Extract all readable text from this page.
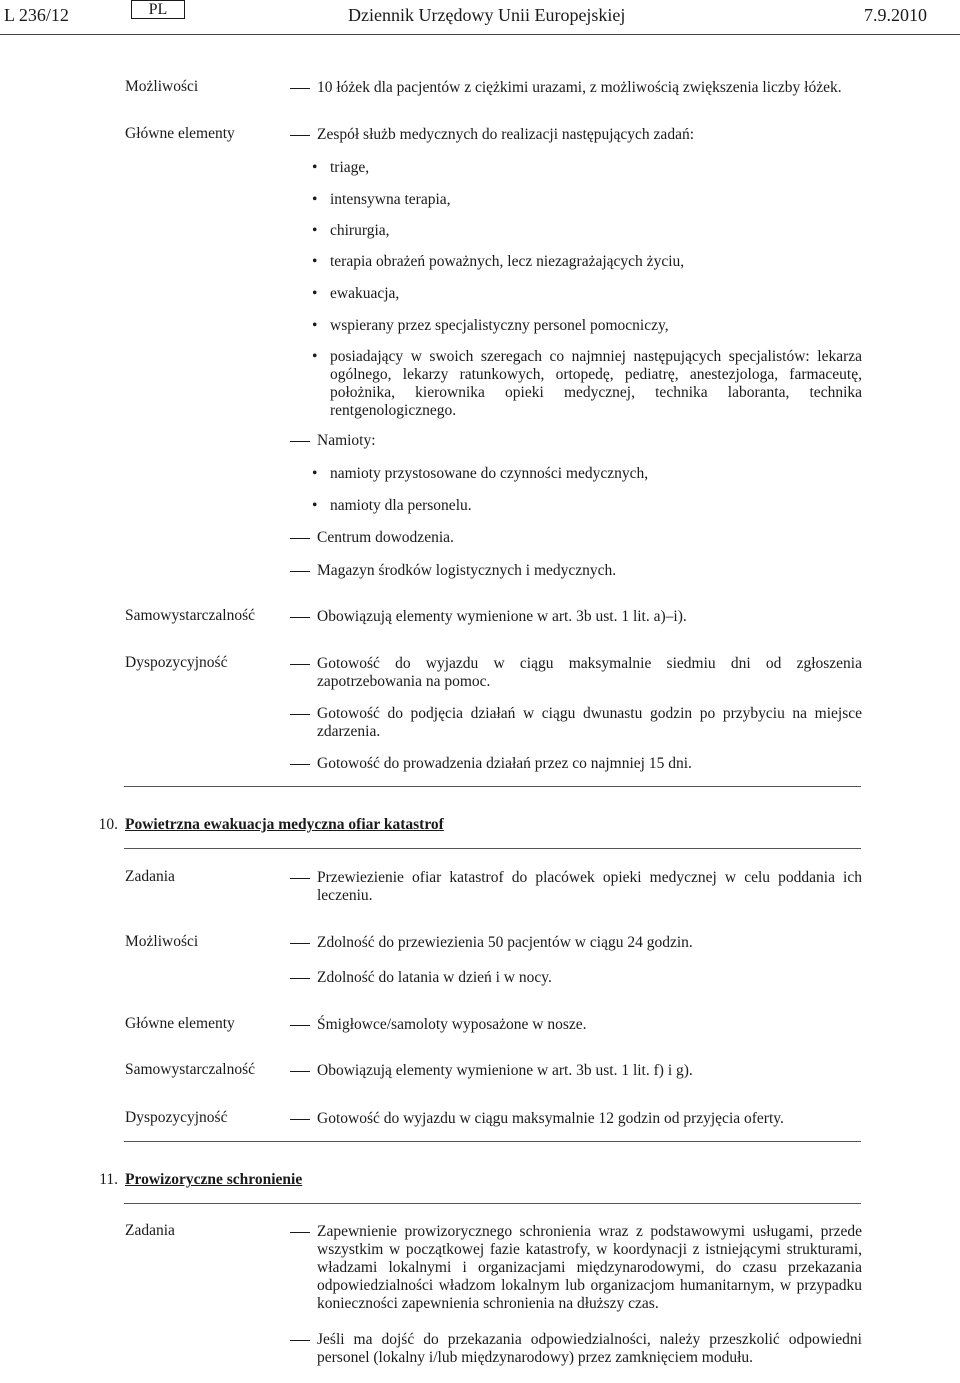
L 236/12	PL	Dziennik Urzędowy Unii Europejskiej	7.9.2010
Możliwości	10 łóżek dla pacjentów z ciężkimi urazami, z możliwością zwiększenia liczby łóżek.
Główne elementy	Zespół służb medycznych do realizacji następujących zadań:
• triage,
• intensywna terapia,
• chirurgia,
• terapia obrażeń poważnych, lecz niezagrażających życiu,
• ewakuacja,
• wspierany przez specjalistyczny personel pomocniczy,
• posiadający w swoich szeregach co najmniej następujących specjalistów: lekarza ogólnego, lekarzy ratunkowych, ortopedę, pediatrę, anestezjologa, farmaceutę, położnika, kierownika opieki medycznej, technika laboranta, technika rentgenologicznego.
Namioty:
• namioty przystosowane do czynności medycznych,
• namioty dla personelu.
Centrum dowodzenia.
Magazyn środków logistycznych i medycznych.
Samowystarczalność	Obowiązują elementy wymienione w art. 3b ust. 1 lit. a)–i).
Dyspozycyjność	Gotowość do wyjazdu w ciągu maksymalnie siedmiu dni od zgłoszenia zapotrzebowania na pomoc.
Gotowość do podjęcia działań w ciągu dwunastu godzin po przybyciu na miejsce zdarzenia.
Gotowość do prowadzenia działań przez co najmniej 15 dni.
10. Powietrzna ewakuacja medyczna ofiar katastrof
Zadania	Przewiezienie ofiar katastrof do placówek opieki medycznej w celu poddania ich leczeniu.
Możliwości	Zdolność do przewiezienia 50 pacjentów w ciągu 24 godzin.
Zdolność do latania w dzień i w nocy.
Główne elementy	Śmigłowce/samoloty wyposażone w nosze.
Samowystarczalność	Obowiązują elementy wymienione w art. 3b ust. 1 lit. f) i g).
Dyspozycyjność	Gotowość do wyjazdu w ciągu maksymalnie 12 godzin od przyjęcia oferty.
11. Prowizoryczne schronienie
Zadania	Zapewnienie prowizorycznego schronienia wraz z podstawowymi usługami, przede wszystkim w początkowej fazie katastrofy, w koordynacji z istniejącymi strukturami, władzami lokalnymi i organizacjami międzynarodowymi, do czasu przekazania odpowiedzialności władzom lokalnym lub organizacjom humanitarnym, w przypadku konieczności zapewnienia schronienia na dłuższy czas.
Jeśli ma dojść do przekazania odpowiedzialności, należy przeszkolić odpowiedni personel (lokalny i/lub międzynarodowy) przez zamknięciem modułu.
